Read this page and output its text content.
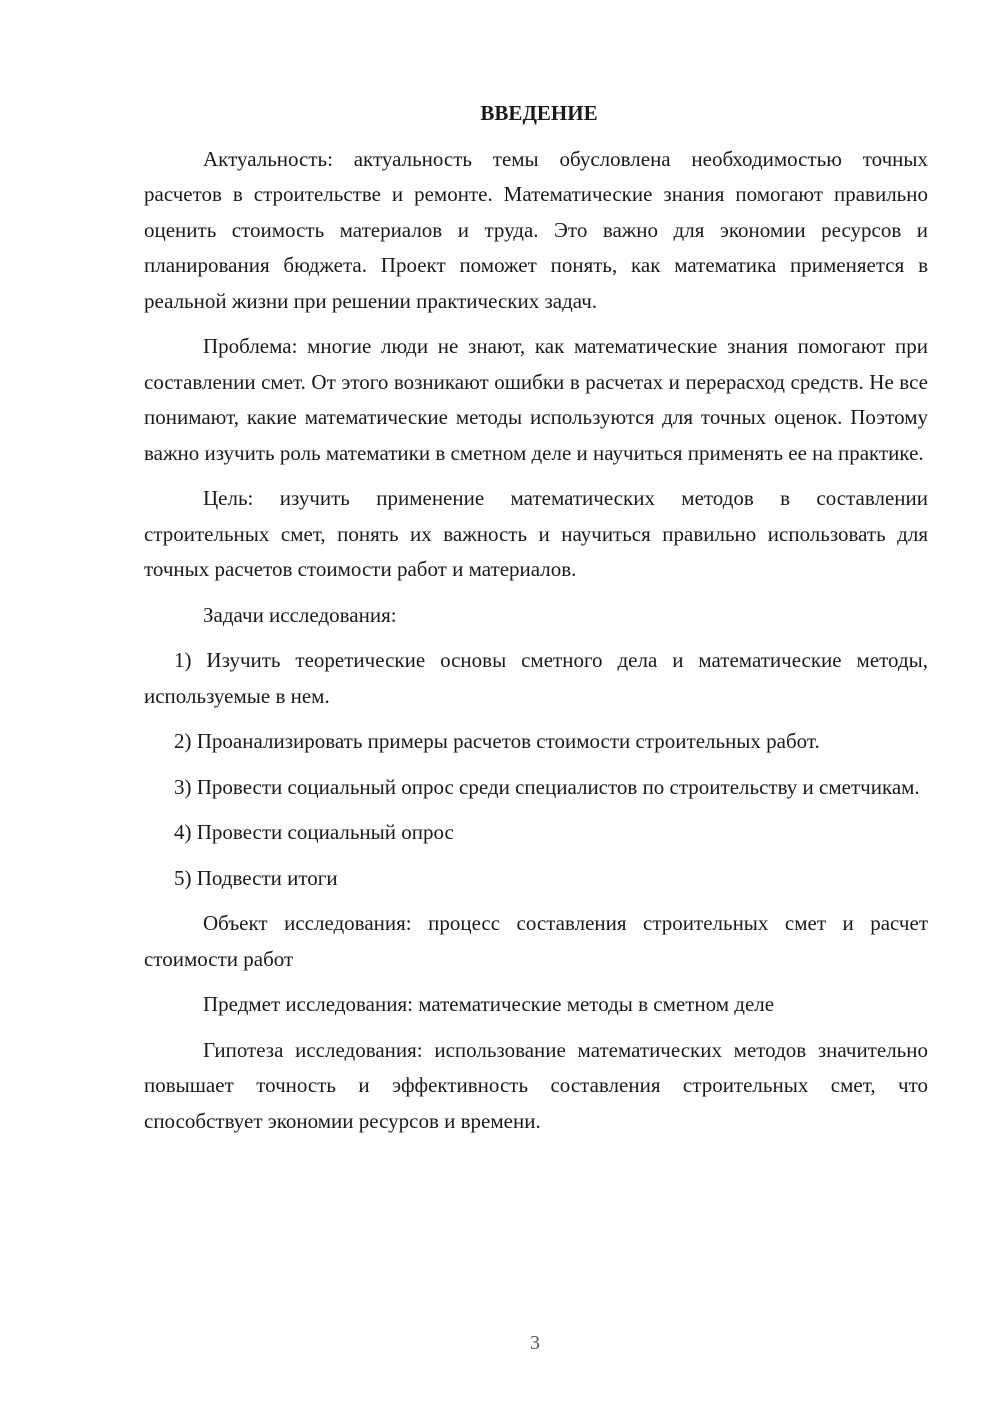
ВВЕДЕНИЕ

Актуальность: актуальность темы обусловлена необходимостью точных расчетов в строительстве и ремонте. Математические знания помогают правильно оценить стоимость материалов и труда. Это важно для экономии ресурсов и планирования бюджета. Проект поможет понять, как математика применяется в реальной жизни при решении практических задач.

Проблема: многие люди не знают, как математические знания помогают при составлении смет. От этого возникают ошибки в расчетах и перерасход средств. Не все понимают, какие математические методы используются для точных оценок. Поэтому важно изучить роль математики в сметном деле и научиться применять ее на практике.

Цель: изучить применение математических методов в составлении строительных смет, понять их важность и научиться правильно использовать для точных расчетов стоимости работ и материалов.

Задачи исследования:

1) Изучить теоретические основы сметного дела и математические методы, используемые в нем.

2) Проанализировать примеры расчетов стоимости строительных работ.

3) Провести социальный опрос среди специалистов по строительству и сметчикам.

4) Провести социальный опрос

5) Подвести итоги

Объект исследования: процесс составления строительных смет и расчет стоимости работ

Предмет исследования: математические методы в сметном деле

Гипотеза исследования: использование математических методов значительно повышает точность и эффективность составления строительных смет, что способствует экономии ресурсов и времени.

3
